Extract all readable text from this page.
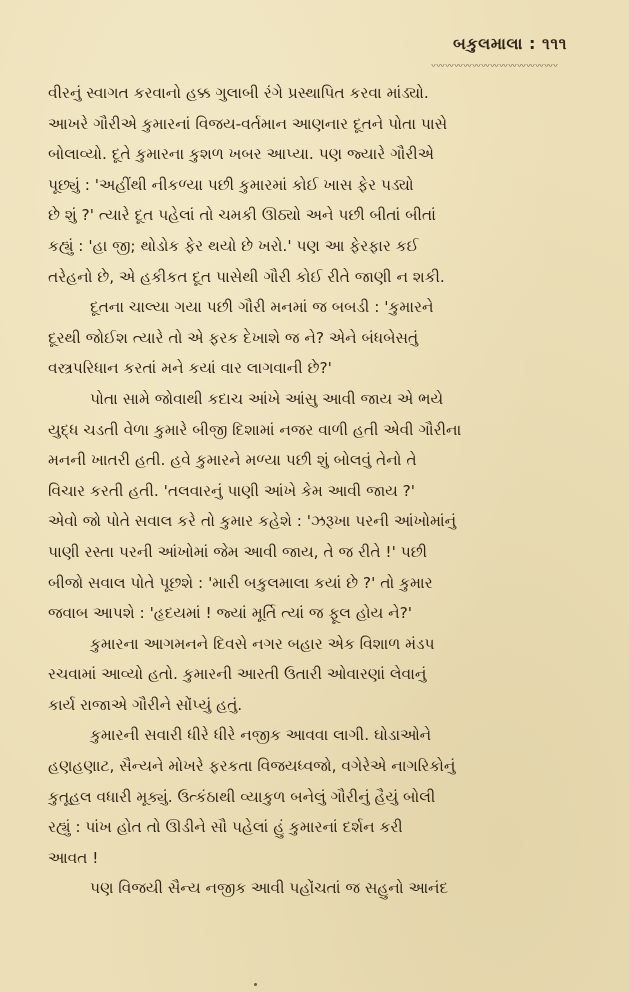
બકુલમાલા : ૧૧૧
〰〰〰〰〰〰〰〰〰〰〰〰〰〰
વીરનું સ્વાગત કરવાનો હક્ક ગુલાબી રંગે પ્રસ્થાપિત કરવા માંડ્યો.
આખરે ગૌરીએ કુમારનાં વિજય-વર્તમાન આણનાર દૂતને પોતા પાસે
બોલાવ્યો. દૂતે કુમારના કુશળ ખબર આપ્યા. પણ જ્યારે ગૌરીએ
પૂછ્યું : 'અહીંથી નીકળ્યા પછી કુમારમાં કોઈ ખાસ ફેર પડ્યો
છે શું ?' ત્યારે દૂત પહેલાં તો ચમકી ઊઠ્યો અને પછી બીતાં બીતાં
કહ્યું : 'હા જી; થોડોક ફેર થયો છે ખરો.' પણ આ ફેરફાર કઈ
તરેહનો છે, એ હકીકત દૂત પાસેથી ગૌરી કોઈ રીતે જાણી ન શકી.
દૂતના ચાલ્યા ગયા પછી ગૌરી મનમાં જ બબડી : 'કુમારને
દૂરથી જોઈશ ત્યારે તો એ ફરક દેખાશે જ ને? એને બંધબેસતું
વસ્ત્રપરિધાન કરતાં મને કયાં વાર લાગવાની છે?'
પોતા સામે જોવાથી કદાચ આંખે આંસુ આવી જાય એ ભયે
યુદ્ધ ચડતી વેળા કુમારે બીજી દિશામાં નજર વાળી હતી એવી ગૌરીના
મનની ખાતરી હતી. હવે કુમારને મળ્યા પછી શું બોલવું તેનો તે
વિચાર કરતી હતી. 'તલવારનું પાણી આંખે કેમ આવી જાય ?'
એવો જો પોતે સવાલ કરે તો કુમાર કહેશે : 'ઝરૂખા પરની આંખોમાંનું
પાણી રસ્તા પરની આંખોમાં જેમ આવી જાય, તે જ રીતે !' પછી
બીજો સવાલ પોતે પૂછશે : 'મારી બકુલમાલા કયાં છે ?' તો કુમાર
જવાબ આપશે : 'હૃદયમાં ! જ્યાં મૂર્તિ ત્યાં જ ફૂલ હોય ને?'
કુમારના આગમનને દિવસે નગર બહાર એક વિશાળ મંડપ
રચવામાં આવ્યો હતો. કુમારની આરતી ઉતારી ઓવારણાં લેવાનું
કાર્ય રાજાએ ગૌરીને સોંપ્યું હતું.
કુમારની સવારી ધીરે ધીરે નજીક આવવા લાગી. ઘોડાઓને
હણહણાટ, સૈન્યને મોખરે ફરકતા વિજયધ્વજો, વગેરેએ નાગરિકોનું
કુતૂહલ વધારી મૂક્યું. ઉત્કંઠાથી વ્યાકુળ બનેલું ગૌરીનું હૈયું બોલી
રહ્યું : પાંખ હોત તો ઊડીને સૌ પહેલાં હું કુમારનાં દર્શન કરી
આવત !
પણ વિજયી સૈન્ય નજીક આવી પહોંચતાં જ સહુનો આનંદ
